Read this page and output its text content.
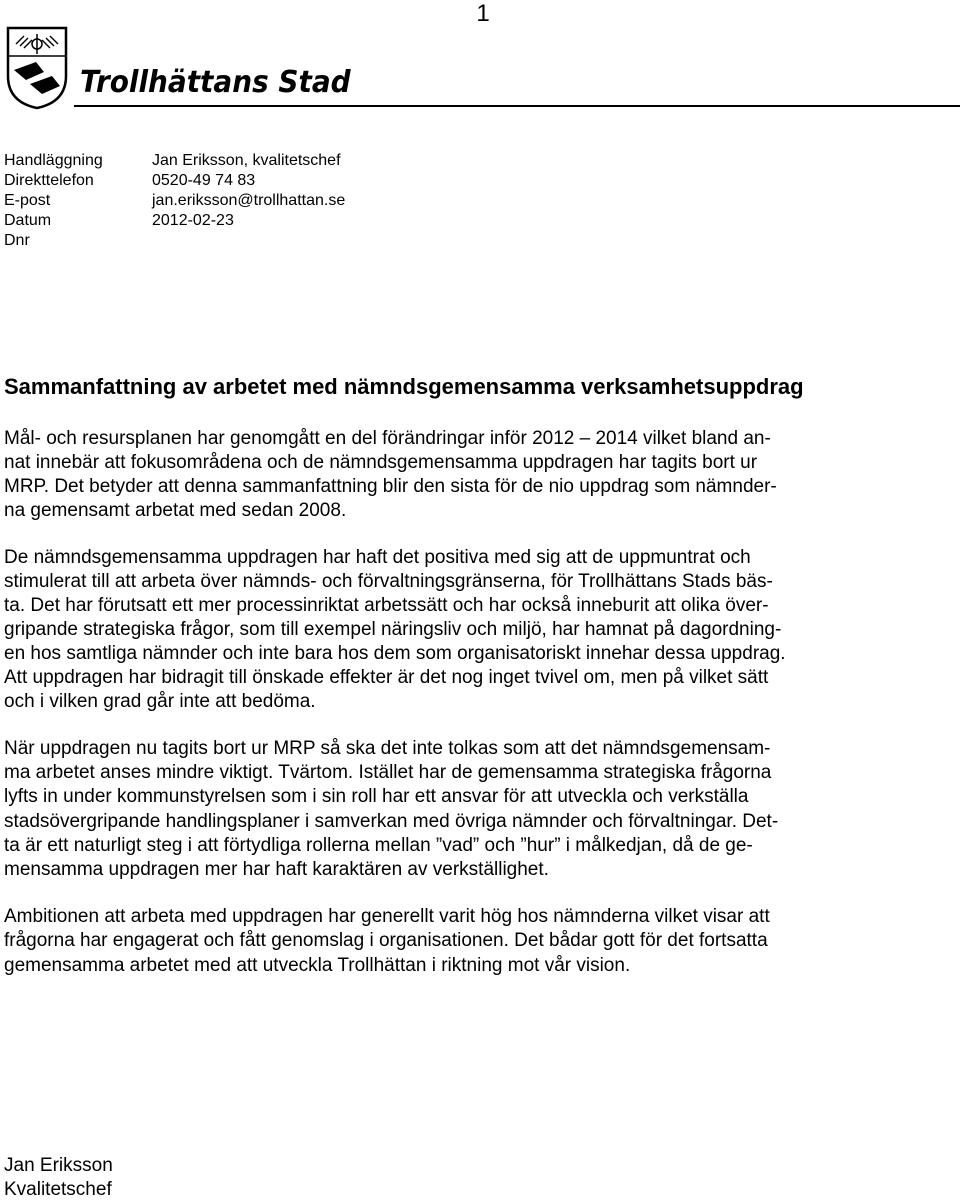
1
Trollhättans Stad
Handläggning	Jan Eriksson, kvalitetschef
Direkttelefon	0520-49 74 83
E-post	jan.eriksson@trollhattan.se
Datum	2012-02-23
Dnr
Sammanfattning av arbetet med nämndsgemensamma verksamhetsuppdrag
Mål- och resursplanen har genomgått en del förändringar inför 2012 – 2014 vilket bland an-
nat innebär att fokusområdena och de nämndsgemensamma uppdragen har tagits bort ur
MRP. Det betyder att denna sammanfattning blir den sista för de nio uppdrag som nämnder-
na gemensamt arbetat med sedan 2008.
De nämndsgemensamma uppdragen har haft det positiva med sig att de uppmuntrat och
stimulerat till att arbeta över nämnds- och förvaltningsgränserna, för Trollhättans Stads bäs-
ta. Det har förutsatt ett mer processinriktat arbetssätt och har också inneburit att olika över-
gripande strategiska frågor, som till exempel näringsliv och miljö, har hamnat på dagordning-
en hos samtliga nämnder och inte bara hos dem som organisatoriskt innehar dessa uppdrag.
Att uppdragen har bidragit till önskade effekter är det nog inget tvivel om, men på vilket sätt
och i vilken grad går inte att bedöma.
När uppdragen nu tagits bort ur MRP så ska det inte tolkas som att det nämndsgemensam-
ma arbetet anses mindre viktigt. Tvärtom. Istället har de gemensamma strategiska frågorna
lyfts in under kommunstyrelsen som i sin roll har ett ansvar för att utveckla och verkställa
stadsövergripande handlingsplaner i samverkan med övriga nämnder och förvaltningar. Det-
ta är ett naturligt steg i att förtydliga rollerna mellan ”vad” och ”hur” i målkedjan, då de ge-
mensamma uppdragen mer har haft karaktären av verkställighet.
Ambitionen att arbeta med uppdragen har generellt varit hög hos nämnderna vilket visar att
frågorna har engagerat och fått genomslag i organisationen. Det bådar gott för det fortsatta
gemensamma arbetet med att utveckla Trollhättan i riktning mot vår vision.
Jan Eriksson
Kvalitetschef
